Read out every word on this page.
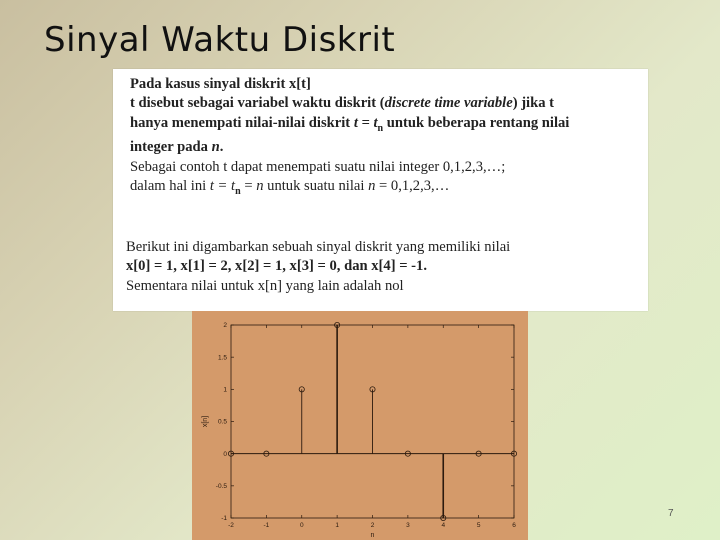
Sinyal Waktu Diskrit
Pada kasus sinyal diskrit x[t]
t disebut sebagai variabel waktu diskrit (discrete time variable) jika t
hanya menempati nilai-nilai diskrit $t = t_n$ untuk beberapa rentang nilai
integer pada n.
Sebagai contoh t dapat menempati suatu nilai integer 0,1,2,3,…;
dalam hal ini $t = t_n = n$ untuk suatu nilai n = 0,1,2,3,…
Berikut ini digambarkan sebuah sinyal diskrit yang memiliki nilai
x[0] = 1, x[1] = 2, x[2] = 1, x[3] = 0, dan x[4] = -1.
Sementara nilai untuk x[n] yang lain adalah nol
-2	-1	0	1	2	3	4	5	6
-1
-0.5
0
0.5
1
1.5
2
n
x[n]
7
